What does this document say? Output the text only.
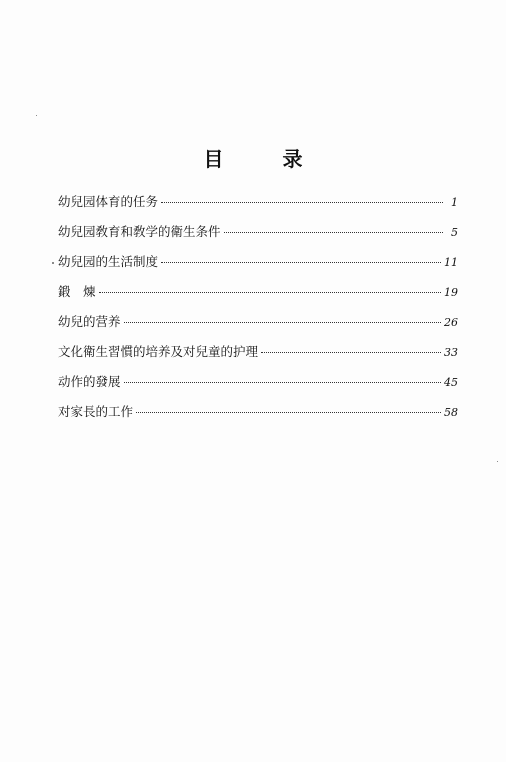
目 录
幼兒园体育的任务	1
幼兒园敎育和敎学的衛生条件	5
幼兒园的生活制度	11
鍛　煉	19
幼兒的营养	26
文化衛生習慣的培养及对兒童的护理	33
动作的發展	45
对家長的工作	58
